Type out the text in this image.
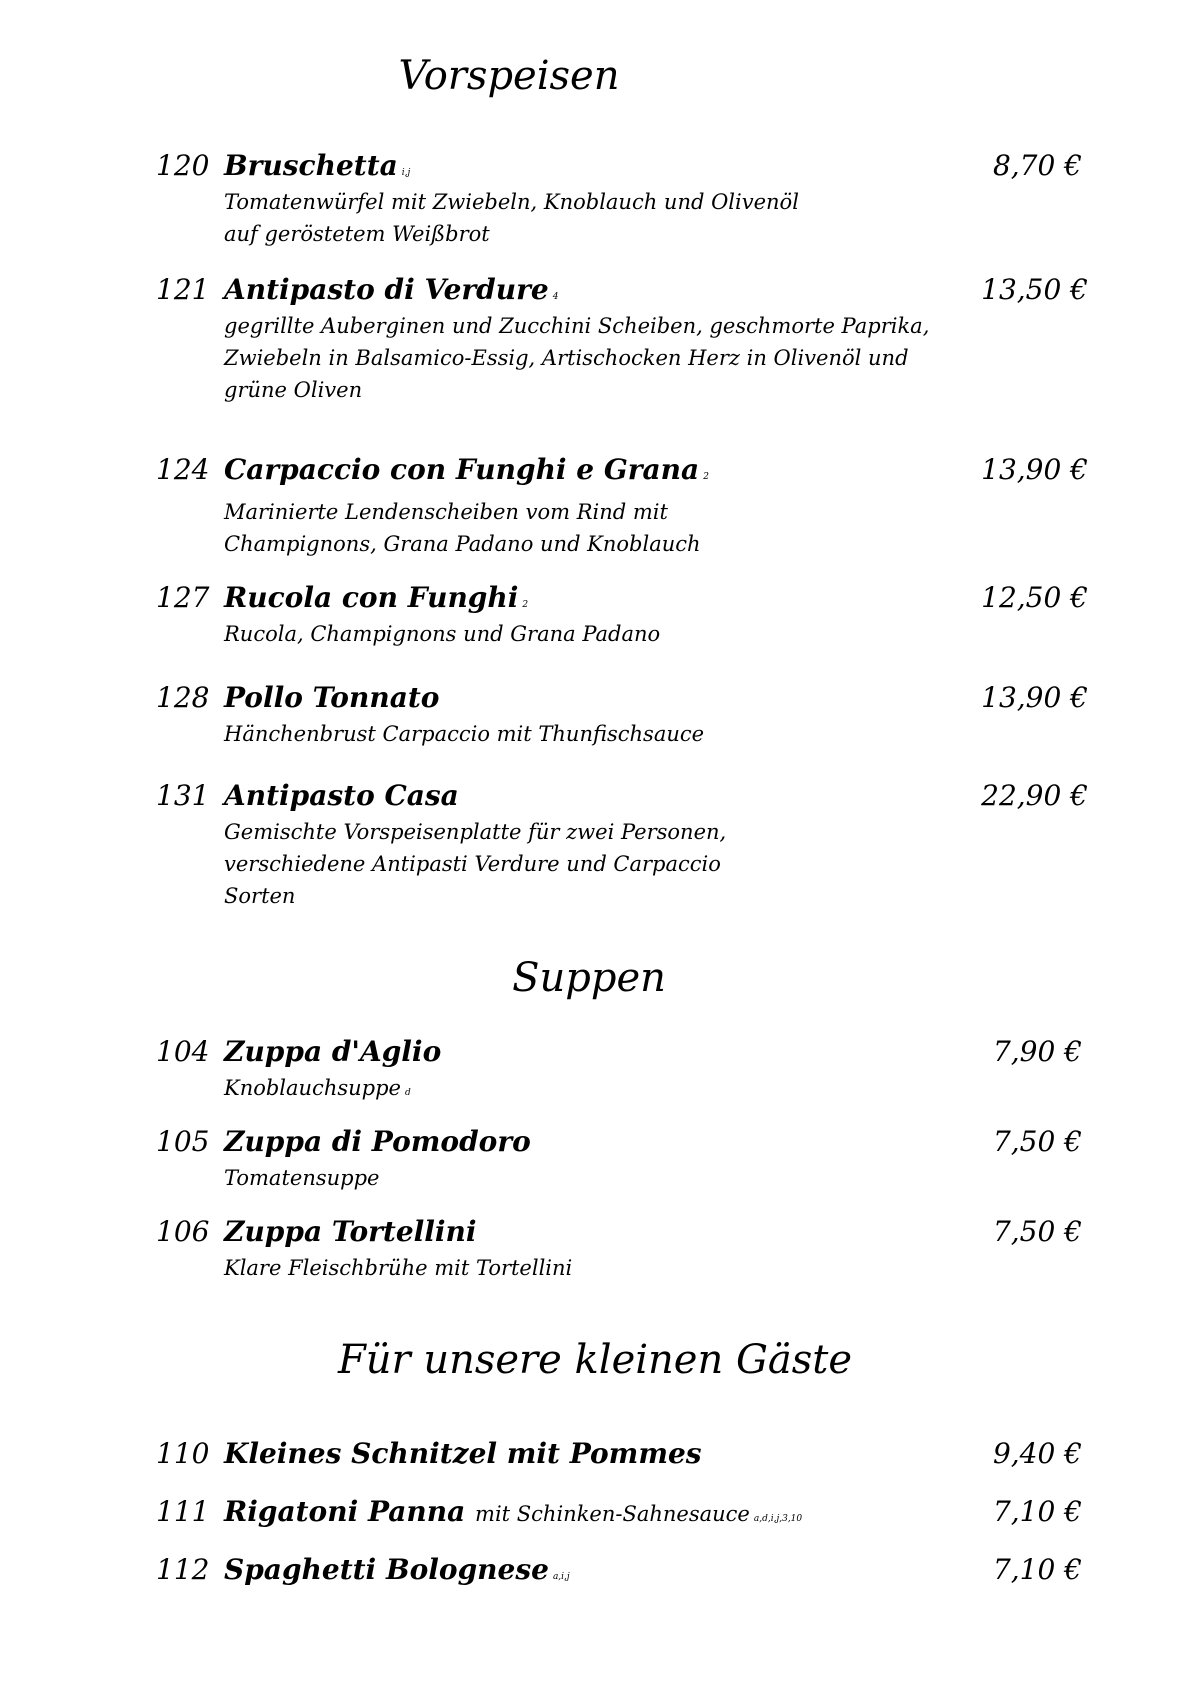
Vorspeisen
120 Bruschetta i,j	8,70 €
Tomatenwürfel mit Zwiebeln, Knoblauch und Olivenöl auf geröstetem Weißbrot
121 Antipasto di Verdure 4	13,50 €
gegrillte Auberginen und Zucchini Scheiben, geschmorte Paprika, Zwiebeln in Balsamico-Essig, Artischocken Herz in Olivenöl und grüne Oliven
124 Carpaccio con Funghi e Grana 2	13,90 €
Marinierte Lendenscheiben vom Rind mit Champignons, Grana Padano und Knoblauch
127 Rucola con Funghi 2	12,50 €
Rucola, Champignons und Grana Padano
128 Pollo Tonnato	13,90 €
Hänchenbrust Carpaccio mit Thunfischsauce
131 Antipasto Casa	22,90 €
Gemischte Vorspeisenplatte für zwei Personen, verschiedene Antipasti Verdure und Carpaccio Sorten
Suppen
104 Zuppa d'Aglio	7,90 €
Knoblauchsuppe d
105 Zuppa di Pomodoro	7,50 €
Tomatensuppe
106 Zuppa Tortellini	7,50 €
Klare Fleischbrühe mit Tortellini
Für unsere kleinen Gäste
110 Kleines Schnitzel mit Pommes	9,40 €
111 Rigatoni Panna mit Schinken-Sahnesauce a,d,i,j,3,10	7,10 €
112 Spaghetti Bolognese a,i,j	7,10 €
